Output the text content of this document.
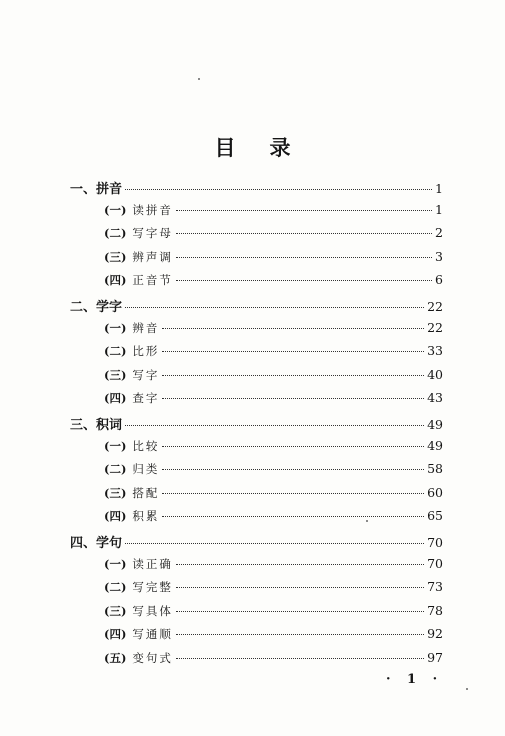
目录
一、拼音	1
(一) 读拼音	1
(二) 写字母	2
(三) 辨声调	3
(四) 正音节	6
二、学字	22
(一) 辨音	22
(二) 比形	33
(三) 写字	40
(四) 查字	43
三、积词	49
(一) 比较	49
(二) 归类	58
(三) 搭配	60
(四) 积累	65
四、学句	70
(一) 读正确	70
(二) 写完整	73
(三) 写具体	78
(四) 写通顺	92
(五) 变句式	97
· 1 ·
